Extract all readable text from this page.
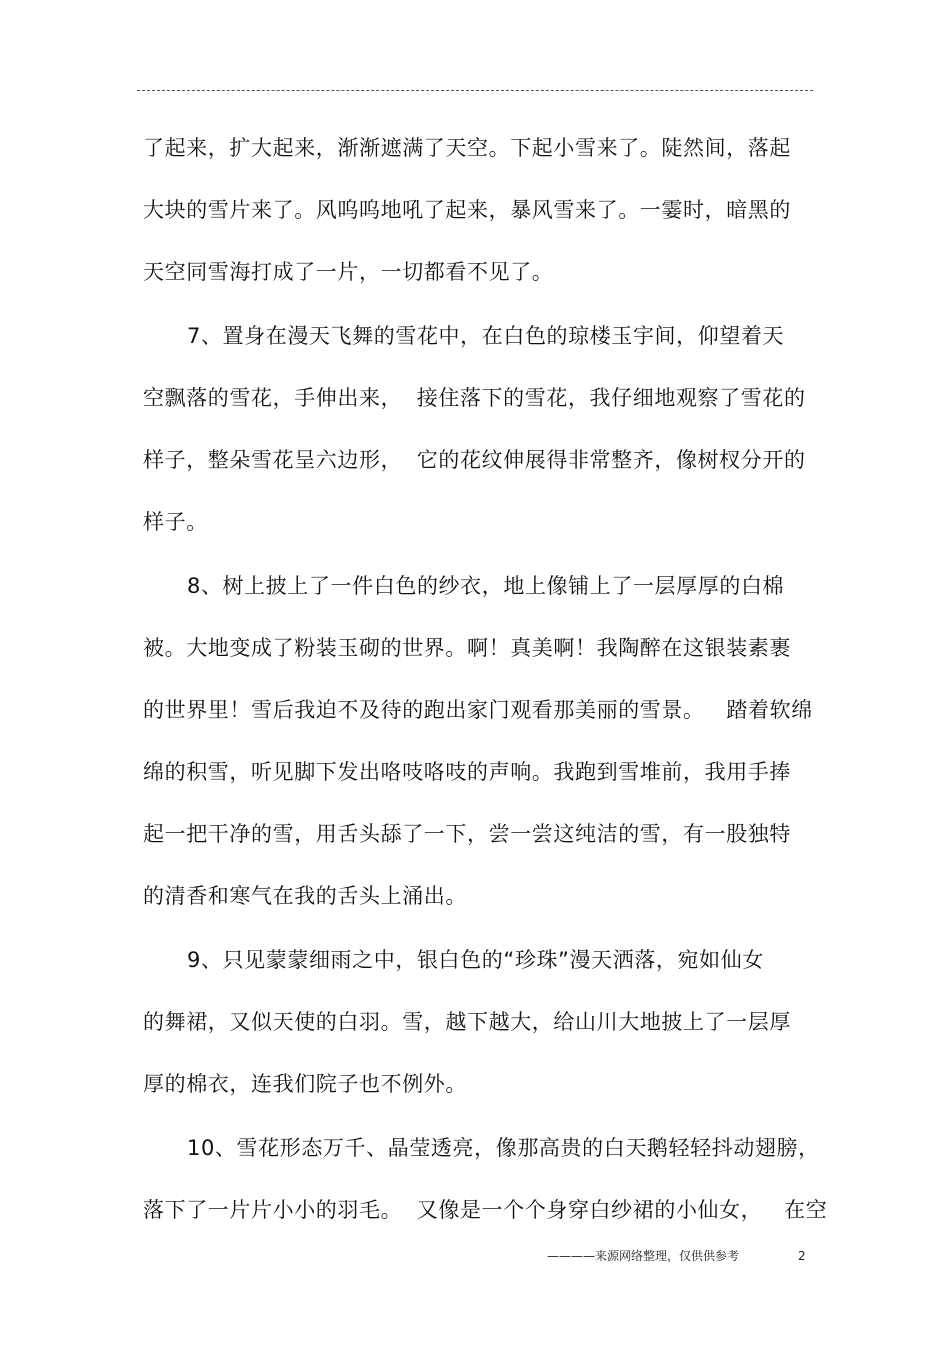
了起来，扩大起来，渐渐遮满了天空。下起小雪来了。陡然间，落起
大块的雪片来了。风呜呜地吼了起来，暴风雪来了。一霎时，暗黑的
天空同雪海打成了一片，一切都看不见了。
7、置身在漫天飞舞的雪花中，在白色的琼楼玉宇间，仰望着天
空飘落的雪花，手伸出来，  接住落下的雪花，我仔细地观察了雪花的
样子，整朵雪花呈六边形，  它的花纹伸展得非常整齐，像树杈分开的
样子。
8、树上披上了一件白色的纱衣，地上像铺上了一层厚厚的白棉
被。大地变成了粉装玉砌的世界。啊！真美啊！我陶醉在这银装素裹
的世界里！雪后我迫不及待的跑出家门观看那美丽的雪景。   踏着软绵
绵的积雪，听见脚下发出咯吱咯吱的声响。我跑到雪堆前，我用手捧
起一把干净的雪，用舌头舔了一下，尝一尝这纯洁的雪，有一股独特
的清香和寒气在我的舌头上涌出。
9、只见蒙蒙细雨之中，银白色的“珍珠”漫天洒落，宛如仙女
的舞裙，又似天使的白羽。雪，越下越大，给山川大地披上了一层厚
厚的棉衣，连我们院子也不例外。
10、雪花形态万千、晶莹透亮，像那高贵的白天鹅轻轻抖动翅膀，
落下了一片片小小的羽毛。  又像是一个个身穿白纱裙的小仙女，   在空
————来源网络整理，仅供供参考	2
